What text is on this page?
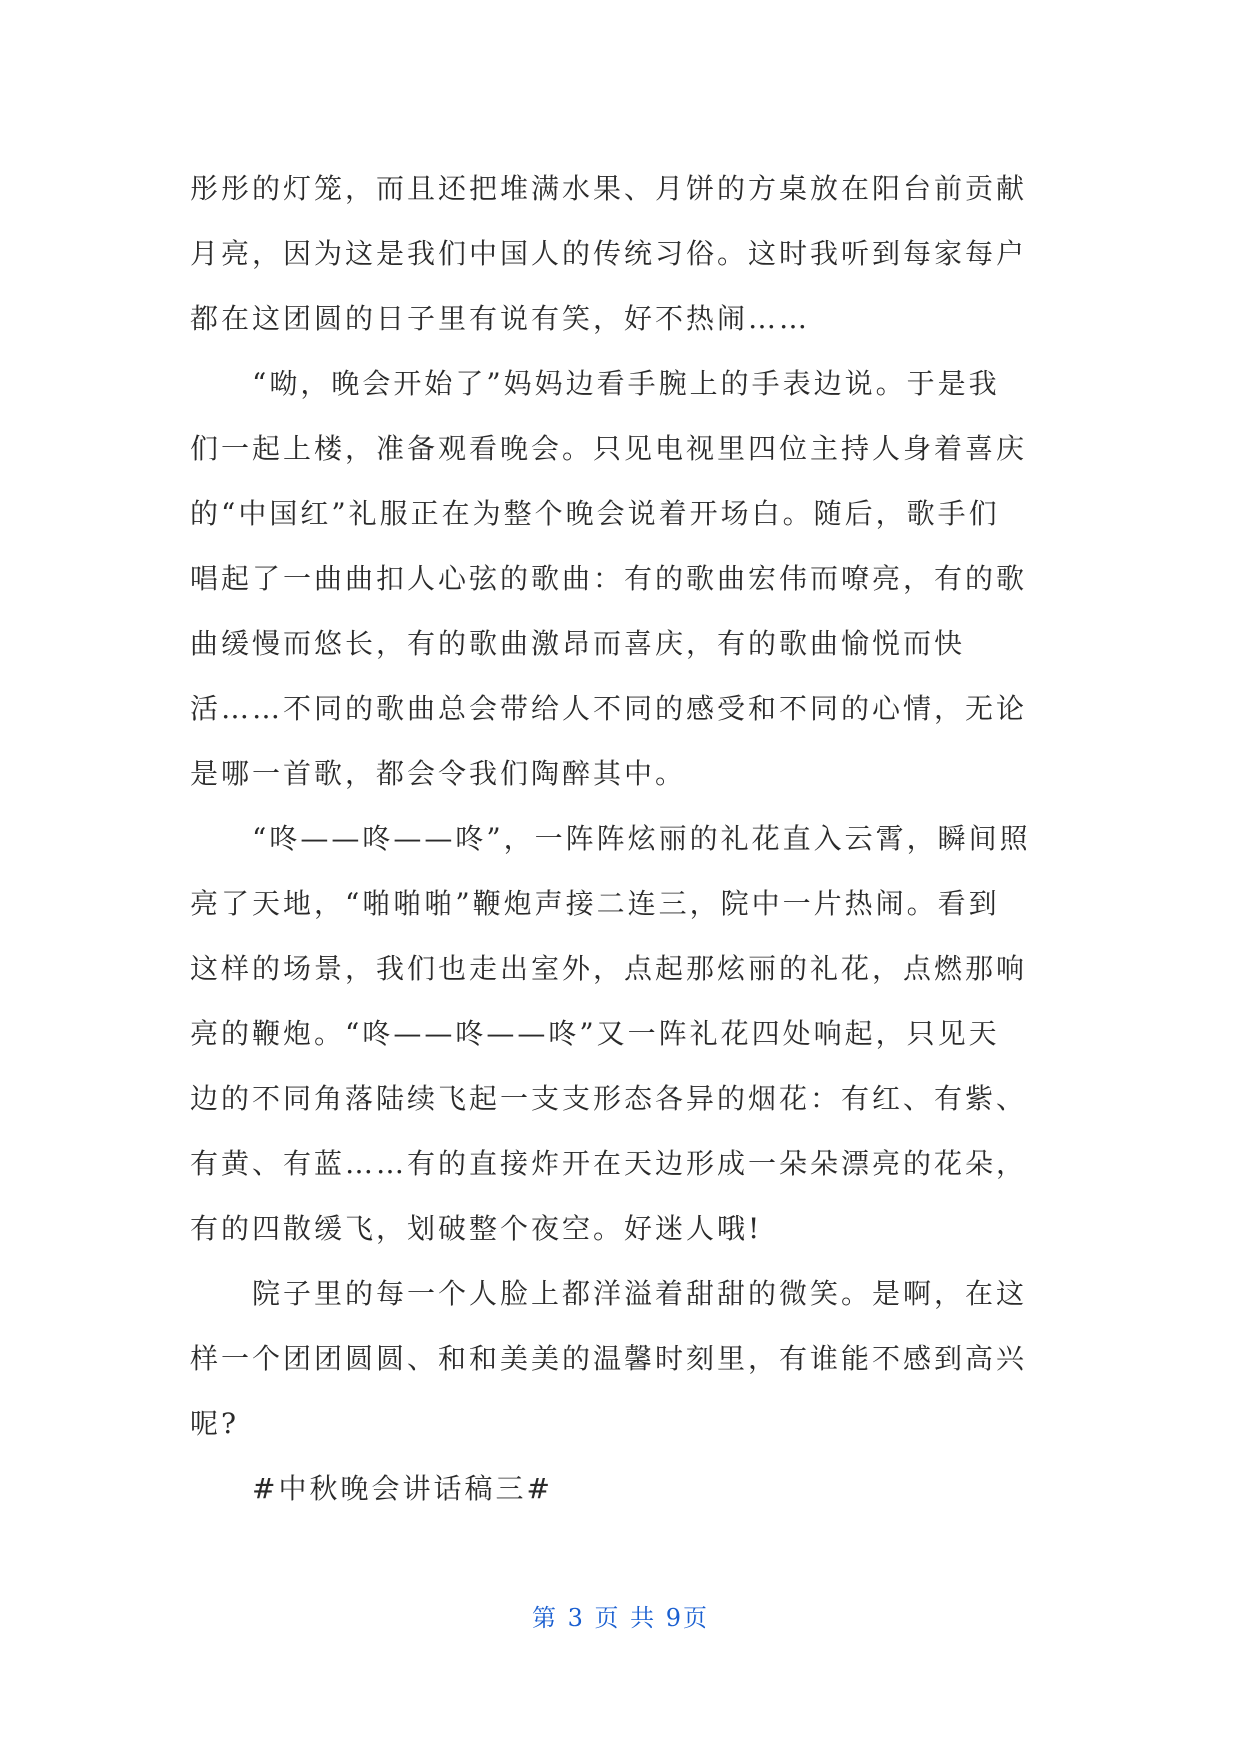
彤彤的灯笼，而且还把堆满水果、月饼的方桌放在阳台前贡献

月亮，因为这是我们中国人的传统习俗。这时我听到每家每户

都在这团圆的日子里有说有笑，好不热闹……

　　“呦，晚会开始了”妈妈边看手腕上的手表边说。于是我

们一起上楼，准备观看晚会。只见电视里四位主持人身着喜庆

的“中国红”礼服正在为整个晚会说着开场白。随后，歌手们

唱起了一曲曲扣人心弦的歌曲：有的歌曲宏伟而嘹亮，有的歌

曲缓慢而悠长，有的歌曲激昂而喜庆，有的歌曲愉悦而快

活……不同的歌曲总会带给人不同的感受和不同的心情，无论

是哪一首歌，都会令我们陶醉其中。

　　“咚——咚——咚”，一阵阵炫丽的礼花直入云霄，瞬间照

亮了天地，“啪啪啪”鞭炮声接二连三，院中一片热闹。看到

这样的场景，我们也走出室外，点起那炫丽的礼花，点燃那响

亮的鞭炮。“咚——咚——咚”又一阵礼花四处响起，只见天

边的不同角落陆续飞起一支支形态各异的烟花：有红、有紫、

有黄、有蓝……有的直接炸开在天边形成一朵朵漂亮的花朵，

有的四散缓飞，划破整个夜空。好迷人哦!

　　院子里的每一个人脸上都洋溢着甜甜的微笑。是啊，在这

样一个团团圆圆、和和美美的温馨时刻里，有谁能不感到高兴

呢?

　　#中秋晚会讲话稿三#

第 3 页 共 9页
